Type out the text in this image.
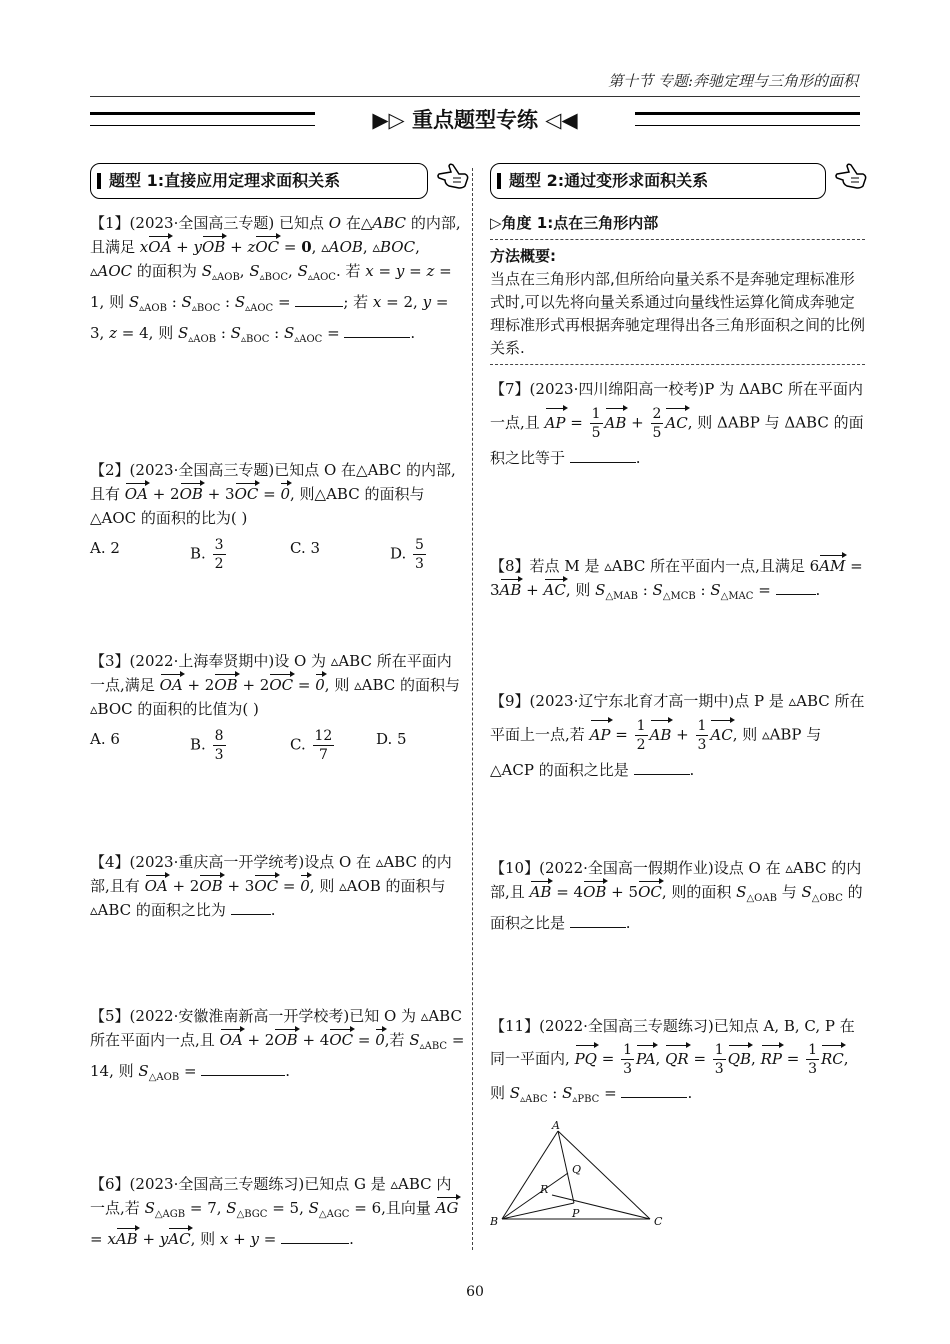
第十节 专题:奔驰定理与三角形的面积
▶▷ 重点题型专练 ◁◀
题型 1:直接应用定理求面积关系

【1】(2023·全国高三专题) 已知点 O 在△ABC 的内部,且满足 xOA + yOB + zOC = 0, ▵AOB, ▵BOC, ▵AOC 的面积为 $S_{▵AOB}$, $S_{▵BOC}$, $S_{▵AOC}$. 若 x = y = z = 1, 则 $S_{▵AOB}$ : $S_{▵BOC}$ : $S_{▵AOC}$ =	; 若 x = 2, y = 3, z = 4, 则 $S_{▵AOB}$ : $S_{▵BOC}$ : $S_{▵AOC}$ =	.

【2】(2023·全国高三专题)已知点 O 在△ABC 的内部,且有 OA + 2OB + 3OC = 0, 则△ABC 的面积与△AOC 的面积的比为( )

A. 2	B. $\frac{3}{2}$	C. 3	D. $\frac{5}{3}$

【3】(2022·上海奉贤期中)设 O 为 ▵ABC 所在平面内一点,满足 OA + 2OB + 2OC = 0, 则 ▵ABC 的面积与 ▵BOC 的面积的比值为( )

A. 6	B. $\frac{8}{3}$	C. $\frac{12}{7}$	D. 5

【4】(2023·重庆高一开学统考)设点 O 在 ▵ABC 的内部,且有 OA + 2OB + 3OC = 0, 则 ▵AOB 的面积与 ▵ABC 的面积之比为	.

【5】(2022·安徽淮南新高一开学校考)已知 O 为 ▵ABC 所在平面内一点,且 OA + 2OB + 4OC = 0,若 $S_{▵ABC} = 14$, 则 $S_{\triangle AOB}$ =	.

【6】(2023·全国高三专题练习)已知点 G 是 ▵ABC 内一点,若 $S_{\triangle AGB} = 7$, $S_{\triangle BGC} = 5$, $S_{\triangle AGC} = 6$,且向量 AG = xAB + yAC, 则 x + y =	.

题型 2:通过变形求面积关系
▷角度 1:点在三角形内部
方法概要:
当点在三角形内部,但所给向量关系不是奔驰定理标准形式时,可以先将向量关系通过向量线性运算化简成奔驰定理标准形式再根据奔驰定理得出各三角形面积之间的比例关系.

【7】(2023·四川绵阳高一校考)P 为 ΔABC 所在平面内一点,且 AP = $\frac{1}{5}$ AB + $\frac{2}{5}$ AC, 则 ΔABP 与 ΔABC 的面积之比等于	.

【8】若点 M 是 ▵ABC 所在平面内一点,且满足 6AM = 3AB + AC, 则 $S_{\triangle MAB}$ : $S_{\triangle MCB}$ : $S_{\triangle MAC}$ =	.

【9】(2023·辽宁东北育才高一期中)点 P 是 ▵ABC 所在平面上一点,若 AP = $\frac{1}{2}$ AB + $\frac{1}{3}$ AC, 则 ▵ABP 与 △ACP 的面积之比是	.

【10】(2022·全国高一假期作业)设点 O 在 ▵ABC 的内部,且 AB = 4OB + 5OC, 则的面积 $S_{\triangle OAB}$ 与 $S_{\triangle OBC}$ 的面积之比是	.

【11】(2022·全国高三专题练习)已知点 A, B, C, P 在同一平面内, PQ = $\frac{1}{3}$ PA, QR = $\frac{1}{3}$ QB, RP = $\frac{1}{3}$ RC, 则 $S_{▵ABC}$ : $S_{▵PBC}$ =	.

A
B	C
P
Q
R
60
